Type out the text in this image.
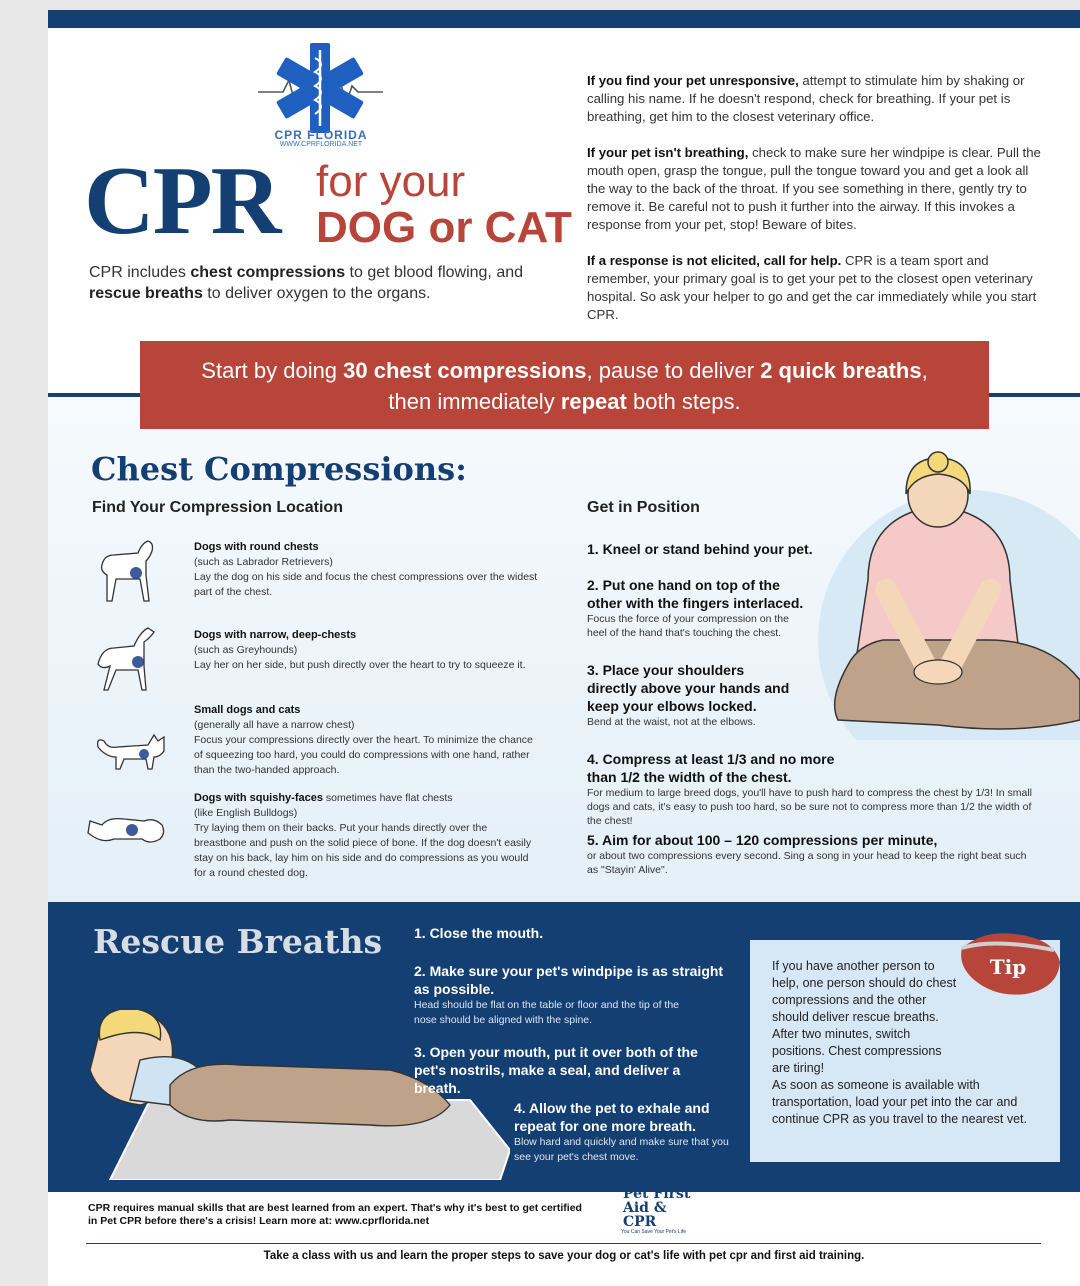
CPR FLORIDA
WWW.CPRFLORIDA.NET
CPR for your
DOG or CAT
CPR includes chest compressions to get blood flowing, and rescue breaths to deliver oxygen to the organs.
If you find your pet unresponsive, attempt to stimulate him by shaking or calling his name. If he doesn't respond, check for breathing. If your pet is breathing, get him to the closest veterinary office.
If your pet isn't breathing, check to make sure her windpipe is clear. Pull the mouth open, grasp the tongue, pull the tongue toward you and get a look all the way to the back of the throat. If you see something in there, gently try to remove it. Be careful not to push it further into the airway. If this invokes a response from your pet, stop! Beware of bites.
If a response is not elicited, call for help. CPR is a team sport and remember, your primary goal is to get your pet to the closest open veterinary hospital. So ask your helper to go and get the car immediately while you start CPR.
Start by doing 30 chest compressions, pause to deliver 2 quick breaths,
then immediately repeat both steps.
Chest Compressions:
Find Your Compression Location	Get in Position
Dogs with round chests
(such as Labrador Retrievers)
Lay the dog on his side and focus the chest compressions over the widest part of the chest.
Dogs with narrow, deep-chests
(such as Greyhounds)
Lay her on her side, but push directly over the heart to try to squeeze it.
Small dogs and cats
(generally all have a narrow chest)
Focus your compressions directly over the heart. To minimize the chance of squeezing too hard, you could do compressions with one hand, rather than the two-handed approach.
Dogs with squishy-faces sometimes have flat chests
(like English Bulldogs)
Try laying them on their backs. Put your hands directly over the breastbone and push on the solid piece of bone. If the dog doesn't easily stay on his back, lay him on his side and do compressions as you would for a round chested dog.
1. Kneel or stand behind your pet.
2. Put one hand on top of the other with the fingers interlaced.
Focus the force of your compression on the heel of the hand that's touching the chest.
3. Place your shoulders directly above your hands and keep your elbows locked.
Bend at the waist, not at the elbows.
4. Compress at least 1/3 and no more than 1/2 the width of the chest.
For medium to large breed dogs, you'll have to push hard to compress the chest by 1/3! In small dogs and cats, it's easy to push too hard, so be sure not to compress more than 1/2 the width of the chest!
5. Aim for about 100 – 120 compressions per minute,
or about two compressions every second. Sing a song in your head to keep the right beat such as "Stayin' Alive".
Rescue Breaths 1. Close the mouth.
2. Make sure your pet's windpipe is as straight as possible.
Head should be flat on the table or floor and the tip of the nose should be aligned with the spine.
3. Open your mouth, put it over both of the pet's nostrils, make a seal, and deliver a breath.
4. Allow the pet to exhale and repeat for one more breath.
Blow hard and quickly and make sure that you see your pet's chest move.
Tip
If you have another person to help, one person should do chest compressions and the other should deliver rescue breaths. After two minutes, switch positions. Chest compressions are tiring!
As soon as someone is available with transportation, load your pet into the car and continue CPR as you travel to the nearest vet.
CPR requires manual skills that are best learned from an expert. That's why it's best to get certified in Pet CPR before there's a crisis! Learn more at: www.cprflorida.net
Pet First Aid & CPR
You Can Save Your Pet's Life
Take a class with us and learn the proper steps to save your dog or cat's life with pet cpr and first aid training.
